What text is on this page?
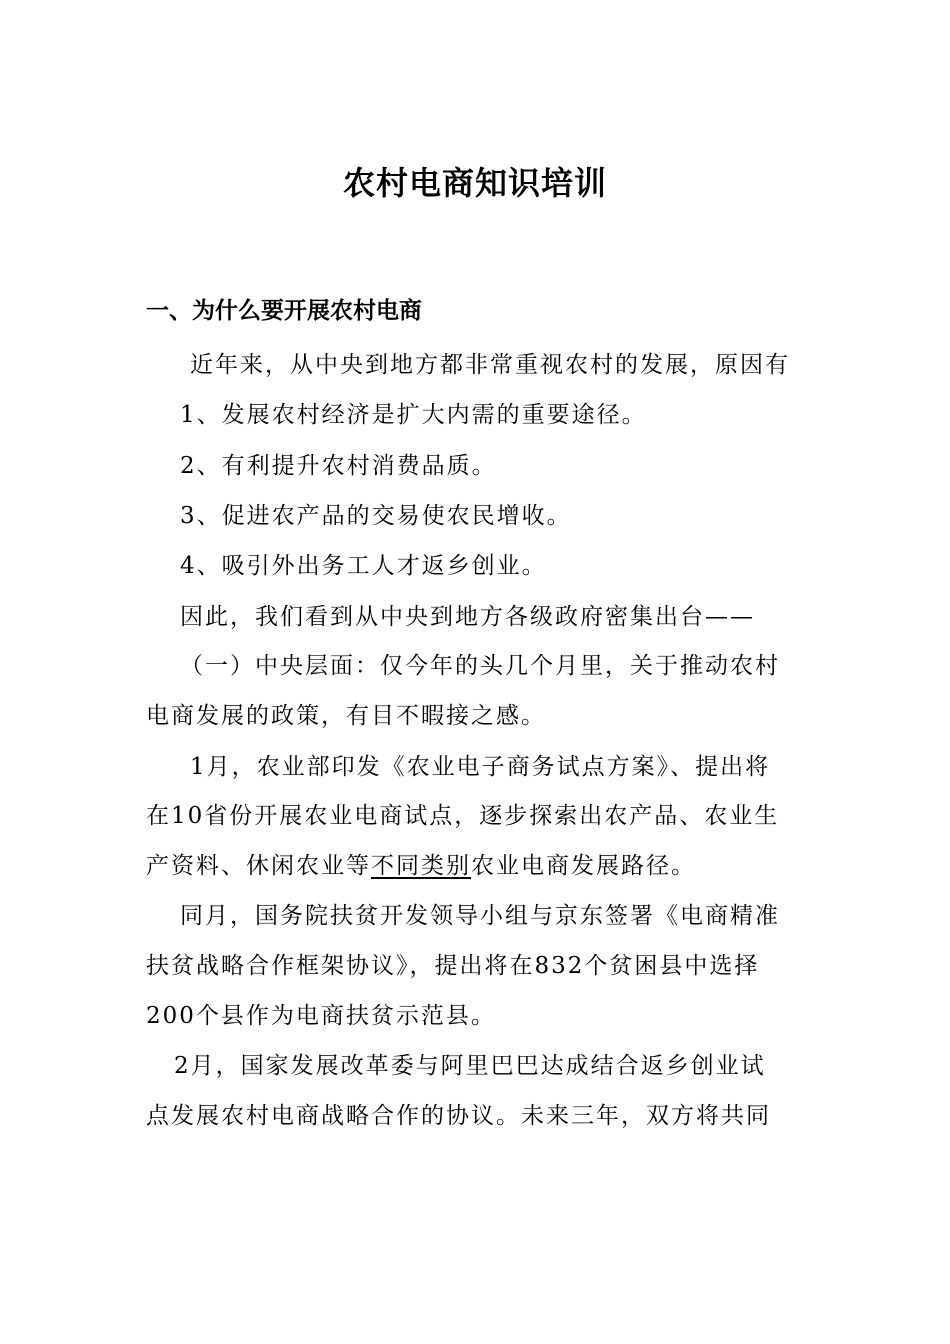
农村电商知识培训
一、为什么要开展农村电商

近年来，从中央到地方都非常重视农村的发展，原因有

1、发展农村经济是扩大内需的重要途径。

2、有利提升农村消费品质。

3、促进农产品的交易使农民增收。

4、吸引外出务工人才返乡创业。

因此，我们看到从中央到地方各级政府密集出台——

（一）中央层面：仅今年的头几个月里，关于推动农村

电商发展的政策，有目不暇接之感。

1月，农业部印发《农业电子商务试点方案》、提出将

在10省份开展农业电商试点，逐步探索出农产品、农业生

产资料、休闲农业等不同类别农业电商发展路径。

同月，国务院扶贫开发领导小组与京东签署《电商精准

扶贫战略合作框架协议》，提出将在832个贫困县中选择

200个县作为电商扶贫示范县。

2月，国家发展改革委与阿里巴巴达成结合返乡创业试

点发展农村电商战略合作的协议。未来三年，双方将共同
